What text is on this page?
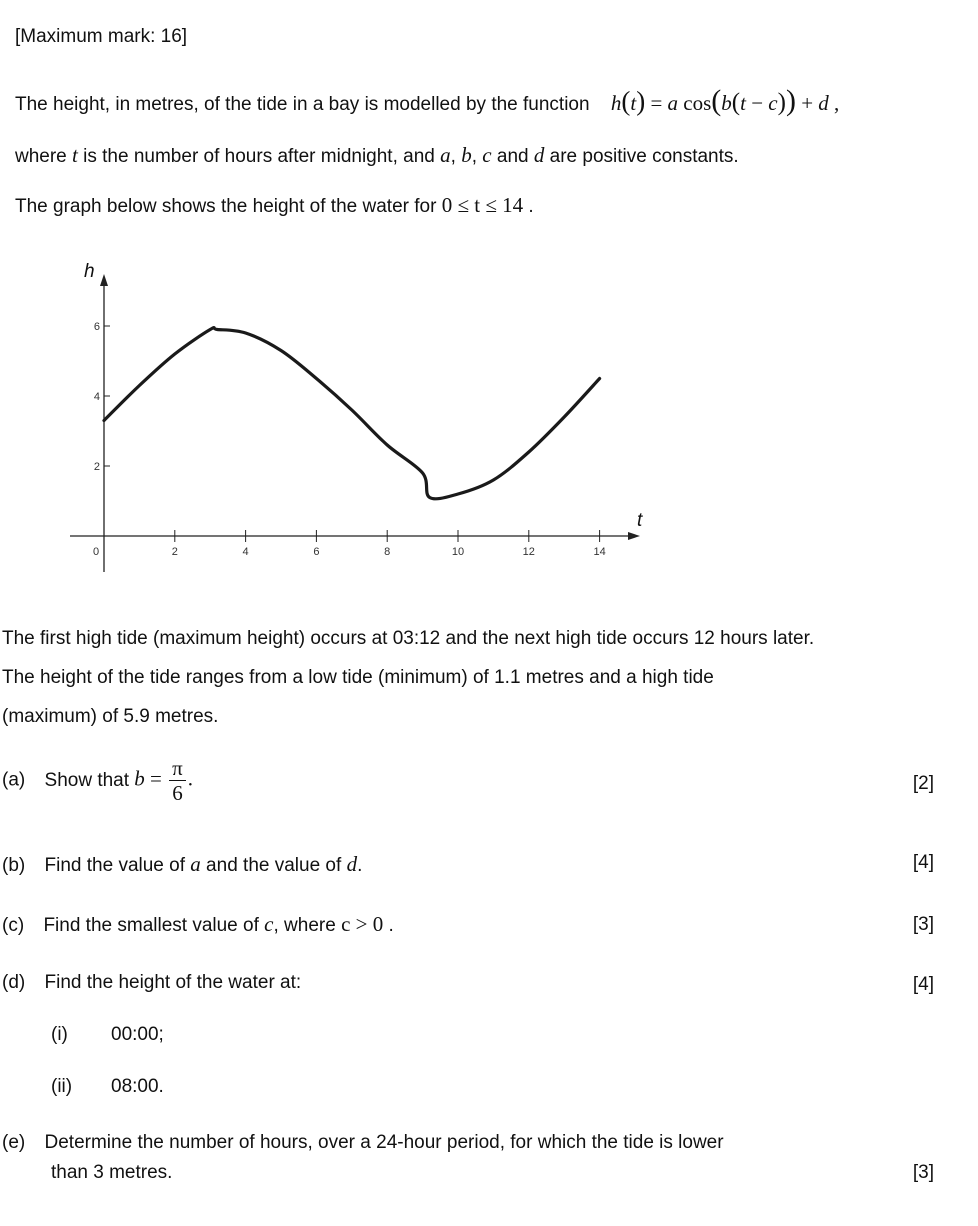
[Maximum mark: 16]
The height, in metres, of the tide in a bay is modelled by the function h(t) = a cos(b(t − c)) + d ,
where t is the number of hours after midnight, and a, b, c and d are positive constants.
The graph below shows the height of the water for 0 ≤ t ≤ 14 .
t
h
0	2	4	6	8	10	12	14
2
4
6
The first high tide (maximum height) occurs at 03:12 and the next high tide occurs 12 hours later.
The height of the tide ranges from a low tide (minimum) of 1.1 metres and a high tide
(maximum) of 5.9 metres.
(a) Show that $b = \frac{\pi}{6}$ .	[2]
(b) Find the value of a and the value of d.	[4]
(c) Find the smallest value of c, where c > 0 .	[3]
(d) Find the height of the water at:	[4]
(i) 00:00;
(ii) 08:00.
(e) Determine the number of hours, over a 24-hour period, for which the tide is lower
than 3 metres.	[3]
